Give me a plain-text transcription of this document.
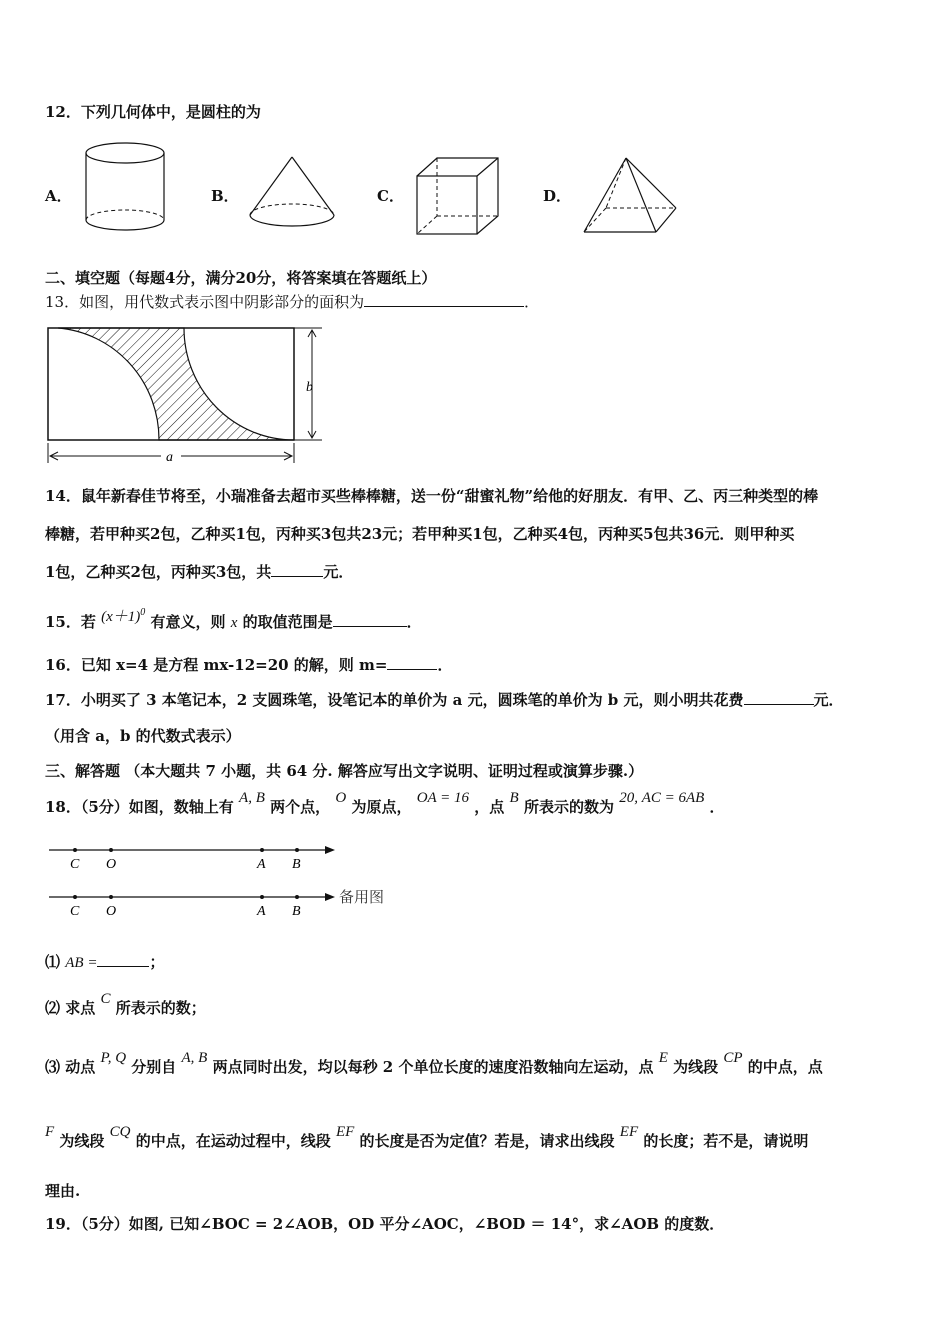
12．下列几何体中，是圆柱的为
A．	B．	C．	D．
二、填空题（每题4分，满分20分，将答案填在答题纸上）
13．如图，用代数式表示图中阴影部分的面积为	．
b
a
14．鼠年新春佳节将至，小瑞准备去超市买些棒棒糖，送一份“甜蜜礼物”给他的好朋友．有甲、乙、丙三种类型的棒
棒糖，若甲种买2包，乙种买1包，丙种买3包共23元；若甲种买1包，乙种买4包，丙种买5包共36元．则甲种买
1包，乙种买2包，丙种买3包，共	元．
15．若 $(x+1)^0$ 有意义，则 x 的取值范围是	．
16．已知 x=4 是方程 mx-12=20 的解，则 m=	．
17．小明买了 3 本笔记本，2 支圆珠笔，设笔记本的单价为 a 元，圆珠笔的单价为 b 元，则小明共花费	元．
（用含 a，b 的代数式表示）
三、解答题 （本大题共 7 小题，共 64 分. 解答应写出文字说明、证明过程或演算步骤.）
18．（5分）如图，数轴上有 A, B 两个点， O 为原点， OA = 16 ，点 B 所表示的数为 20, AC = 6AB ．
C O	A B
C O	A B
备用图
⑴ AB =	；
⑵ 求点 C 所表示的数；
⑶ 动点 P, Q 分别自 A, B 两点同时出发，均以每秒 2 个单位长度的速度沿数轴向左运动，点 E 为线段 CP 的中点，点
F 为线段 CQ 的中点，在运动过程中，线段 EF 的长度是否为定值？若是，请求出线段 EF 的长度；若不是，请说明
理由.
19．（5分）如图, 已知∠BOC = 2∠AOB，OD 平分∠AOC，∠BOD ＝ 14°，求∠AOB 的度数．
